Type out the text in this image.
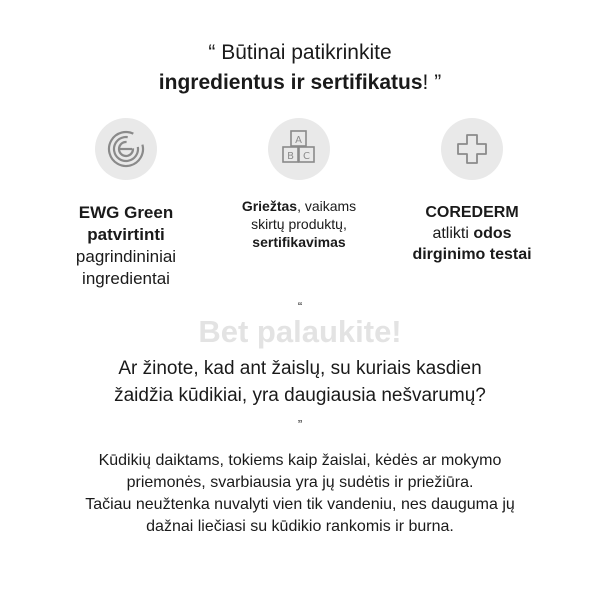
“ Būtinai patikrinkite
ingredientus ir sertifikatus! ”
EWG Green
patvirtinti
pagrindininiai
ingredientai
A
B C
Griežtas, vaikams
skirtų produktų,
sertifikavimas
COREDERM
atlikti odos
dirginimo testai
“
Bet palaukite!
Ar žinote, kad ant žaislų, su kuriais kasdien
žaidžia kūdikiai, yra daugiausia nešvarumų?
”
Kūdikių daiktams, tokiems kaip žaislai, kėdės ar mokymo
priemonės, svarbiausia yra jų sudėtis ir priežiūra.
Tačiau neužtenka nuvalyti vien tik vandeniu, nes dauguma jų
dažnai liečiasi su kūdikio rankomis ir burna.
